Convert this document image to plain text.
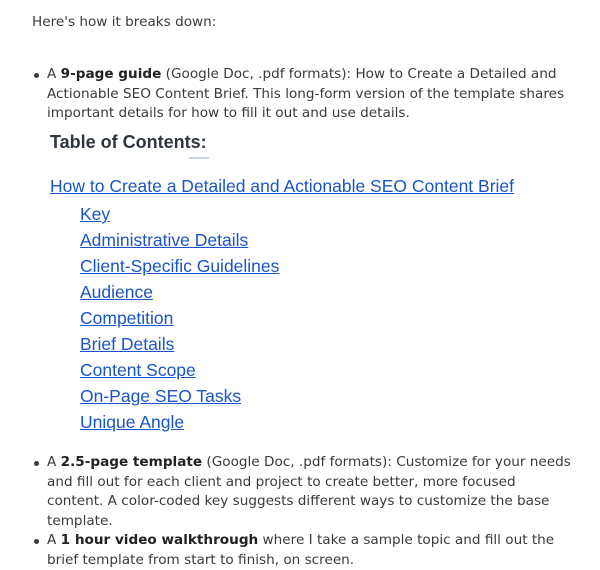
Here's how it breaks down:
A 9-page guide (Google Doc, .pdf formats): How to Create a Detailed and Actionable SEO Content Brief. This long-form version of the template shares important details for how to fill it out and use details.
Table of Contents:
How to Create a Detailed and Actionable SEO Content Brief
Key
Administrative Details
Client-Specific Guidelines
Audience
Competition
Brief Details
Content Scope
On-Page SEO Tasks
Unique Angle
A 2.5-page template (Google Doc, .pdf formats): Customize for your needs and fill out for each client and project to create better, more focused content. A color-coded key suggests different ways to customize the base template.
A 1 hour video walkthrough where I take a sample topic and fill out the brief template from start to finish, on screen.
